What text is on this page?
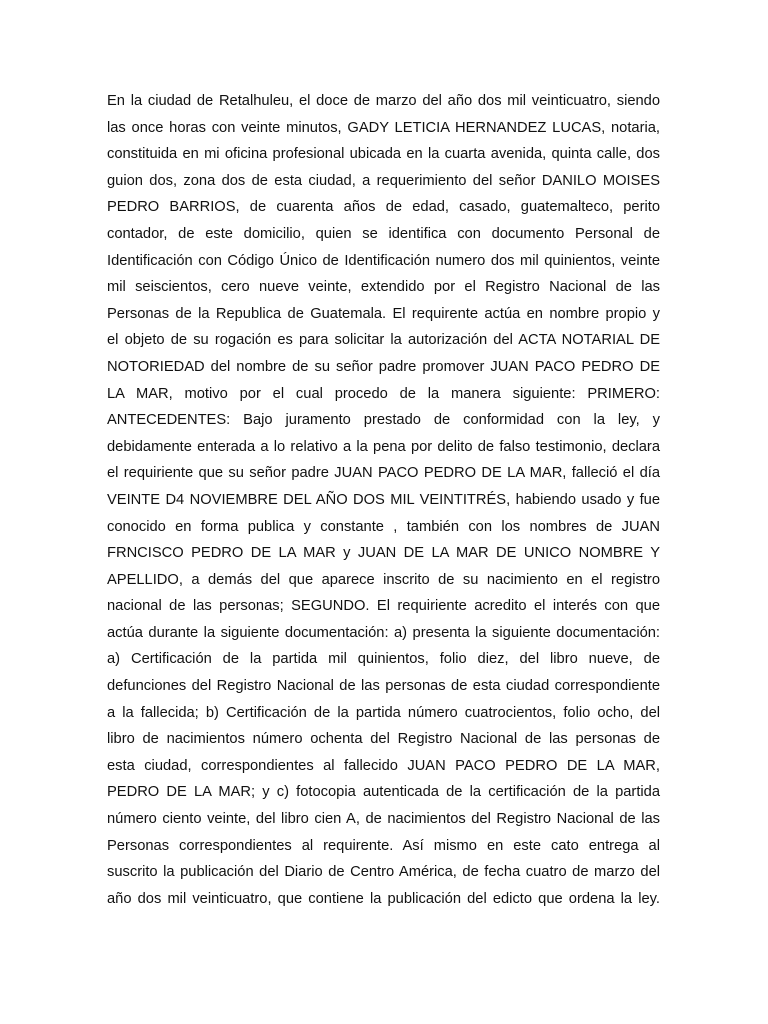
En la ciudad de Retalhuleu, el doce de marzo del año dos mil veinticuatro, siendo
las once horas con veinte minutos, GADY LETICIA HERNANDEZ LUCAS, notaria,
constituida en mi oficina profesional ubicada en la cuarta avenida, quinta calle, dos
guion dos, zona dos de esta ciudad, a requerimiento del señor DANILO MOISES
PEDRO BARRIOS, de cuarenta años de edad, casado, guatemalteco, perito
contador, de este domicilio, quien se identifica con documento Personal de
Identificación con Código Único de Identificación numero dos mil quinientos, veinte
mil seiscientos, cero nueve veinte, extendido por el Registro Nacional de las
Personas de la Republica de Guatemala. El requirente actúa en nombre propio y
el objeto de su rogación es para solicitar la autorización del ACTA NOTARIAL DE
NOTORIEDAD del nombre de su señor padre promover JUAN PACO PEDRO DE
LA MAR, motivo por el cual procedo de la manera siguiente: PRIMERO:
ANTECEDENTES: Bajo juramento prestado de conformidad con la ley, y
debidamente enterada a lo relativo a la pena por delito de falso testimonio, declara
el requiriente que su señor padre JUAN PACO PEDRO DE LA MAR, falleció el día
VEINTE D4 NOVIEMBRE DEL AÑO DOS MIL VEINTITRÉS, habiendo usado y fue
conocido en forma publica y constante , también con los nombres de JUAN
FRNCISCO PEDRO DE LA MAR y JUAN DE LA MAR DE UNICO NOMBRE Y
APELLIDO, a demás del que aparece inscrito de su nacimiento en el registro
nacional de las personas; SEGUNDO. El requiriente acredito el interés con que
actúa durante la siguiente documentación: a) presenta la siguiente documentación:
a) Certificación de la partida mil quinientos, folio diez, del libro nueve, de
defunciones del Registro Nacional de las personas de esta ciudad correspondiente
a la fallecida; b) Certificación de la partida número cuatrocientos, folio ocho, del
libro de nacimientos número ochenta del Registro Nacional de las personas de
esta ciudad, correspondientes al fallecido JUAN PACO PEDRO DE LA MAR,
PEDRO DE LA MAR; y c) fotocopia autenticada de la certificación de la partida
número ciento veinte, del libro cien A, de nacimientos del Registro Nacional de las
Personas correspondientes al requirente. Así mismo en este cato entrega al
suscrito la publicación del Diario de Centro América, de fecha cuatro de marzo del
año dos mil veinticuatro, que contiene la publicación del edicto que ordena la ley.
